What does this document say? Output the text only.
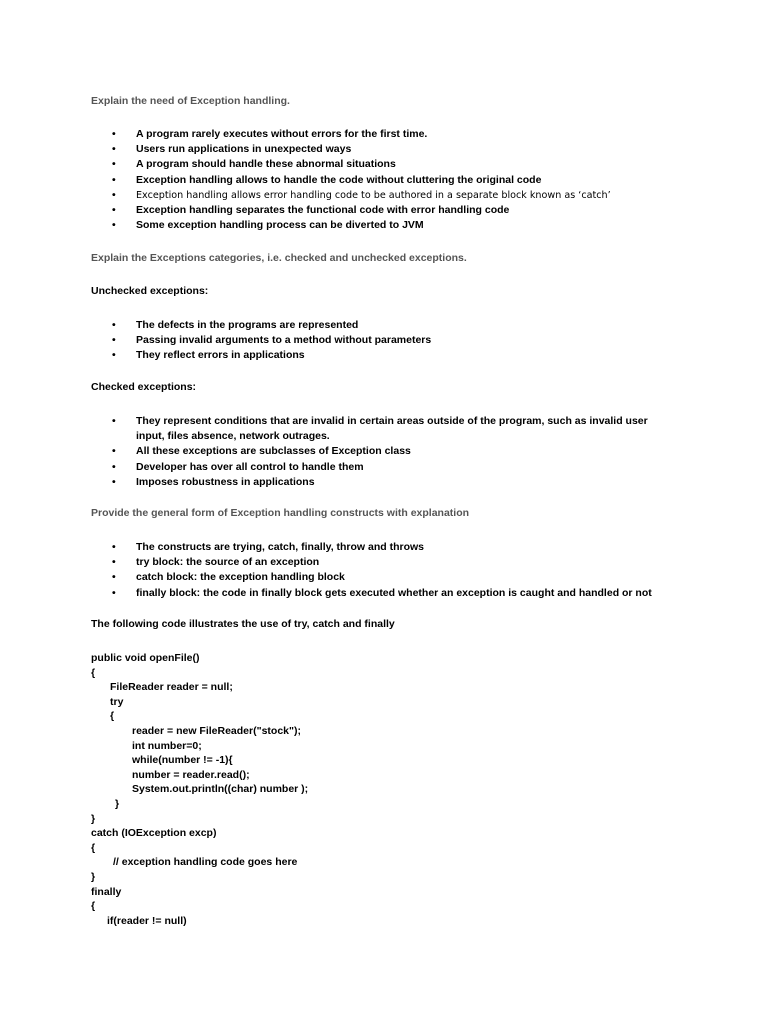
Explain the need of Exception handling.
• A program rarely executes without errors for the first time.
• Users run applications in unexpected ways
• A program should handle these abnormal situations
• Exception handling allows to handle the code without cluttering the original code
• Exception handling allows error handling code to be authored in a separate block known as ‘catch’
• Exception handling separates the functional code with error handling code
• Some exception handling process can be diverted to JVM
Explain the Exceptions categories, i.e. checked and unchecked exceptions.
Unchecked exceptions:
• The defects in the programs are represented
• Passing invalid arguments to a method without parameters
• They reflect errors in applications
Checked exceptions:
• They represent conditions that are invalid in certain areas outside of the program, such as invalid user input, files absence, network outrages.
• All these exceptions are subclasses of Exception class
• Developer has over all control to handle them
• Imposes robustness in applications
Provide the general form of Exception handling constructs with explanation
• The constructs are trying, catch, finally, throw and throws
• try block: the source of an exception
• catch block: the exception handling block
• finally block: the code in finally block gets executed whether an exception is caught and handled or not
The following code illustrates the use of try, catch and finally
public void openFile()
{
FileReader reader = null;
try
{
reader = new FileReader("stock");
int number=0;
while(number != -1){
number = reader.read();
System.out.println((char) number );
}
}
catch (IOException excp)
{
// exception handling code goes here
}
finally
{
if(reader != null)
